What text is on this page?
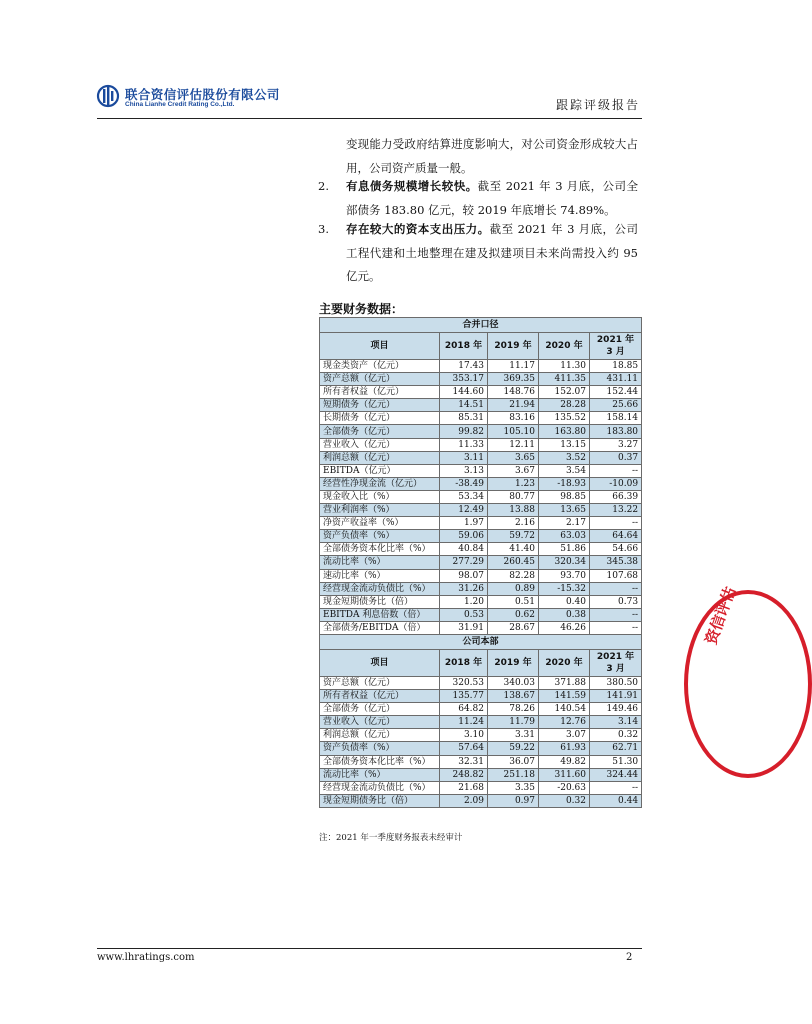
联合资信评估股份有限公司
China Lianhe Credit Rating Co.,Ltd.	跟踪评级报告
变现能力受政府结算进度影响大，对公司资金形成较大占用，公司资产质量一般。
2. 有息债务规模增长较快。截至 2021 年 3 月底，公司全部债务 183.80 亿元，较 2019 年底增长 74.89%。
3. 存在较大的资本支出压力。截至 2021 年 3 月底，公司工程代建和土地整理在建及拟建项目未来尚需投入约 95 亿元。
主要财务数据：
合并口径				
项目	2018 年	2019 年	2020 年	2021 年
3 月
现金类资产（亿元）	17.43	11.17	11.30	18.85
资产总额（亿元）	353.17	369.35	411.35	431.11
所有者权益（亿元）	144.60	148.76	152.07	152.44
短期债务（亿元）	14.51	21.94	28.28	25.66
长期债务（亿元）	85.31	83.16	135.52	158.14
全部债务（亿元）	99.82	105.10	163.80	183.80
营业收入（亿元）	11.33	12.11	13.15	3.27
利润总额（亿元）	3.11	3.65	3.52	0.37
EBITDA（亿元）	3.13	3.67	3.54	--
经营性净现金流（亿元）	-38.49	1.23	-18.93	-10.09
现金收入比（%）	53.34	80.77	98.85	66.39
营业利润率（%）	12.49	13.88	13.65	13.22
净资产收益率（%）	1.97	2.16	2.17	--
资产负债率（%）	59.06	59.72	63.03	64.64
全部债务资本化比率（%）	40.84	41.40	51.86	54.66
流动比率（%）	277.29	260.45	320.34	345.38
速动比率（%）	98.07	82.28	93.70	107.68
经营现金流动负债比（%）	31.26	0.89	-15.32	--
现金短期债务比（倍）	1.20	0.51	0.40	0.73
EBITDA 利息倍数（倍）	0.53	0.62	0.38	--
全部债务/EBITDA（倍）	31.91	28.67	46.26	--
公司本部				
项目	2018 年	2019 年	2020 年	2021 年
3 月
资产总额（亿元）	320.53	340.03	371.88	380.50
所有者权益（亿元）	135.77	138.67	141.59	141.91
全部债务（亿元）	64.82	78.26	140.54	149.46
营业收入（亿元）	11.24	11.79	12.76	3.14
利润总额（亿元）	3.10	3.31	3.07	0.32
资产负债率（%）	57.64	59.22	61.93	62.71
全部债务资本化比率（%）	32.31	36.07	49.82	51.30
流动比率（%）	248.82	251.18	311.60	324.44
经营现金流动负债比（%）	21.68	3.35	-20.63	--
现金短期债务比（倍）	2.09	0.97	0.32	0.44
注：2021 年一季度财务报表未经审计
www.lhratings.com	2
资信评估
